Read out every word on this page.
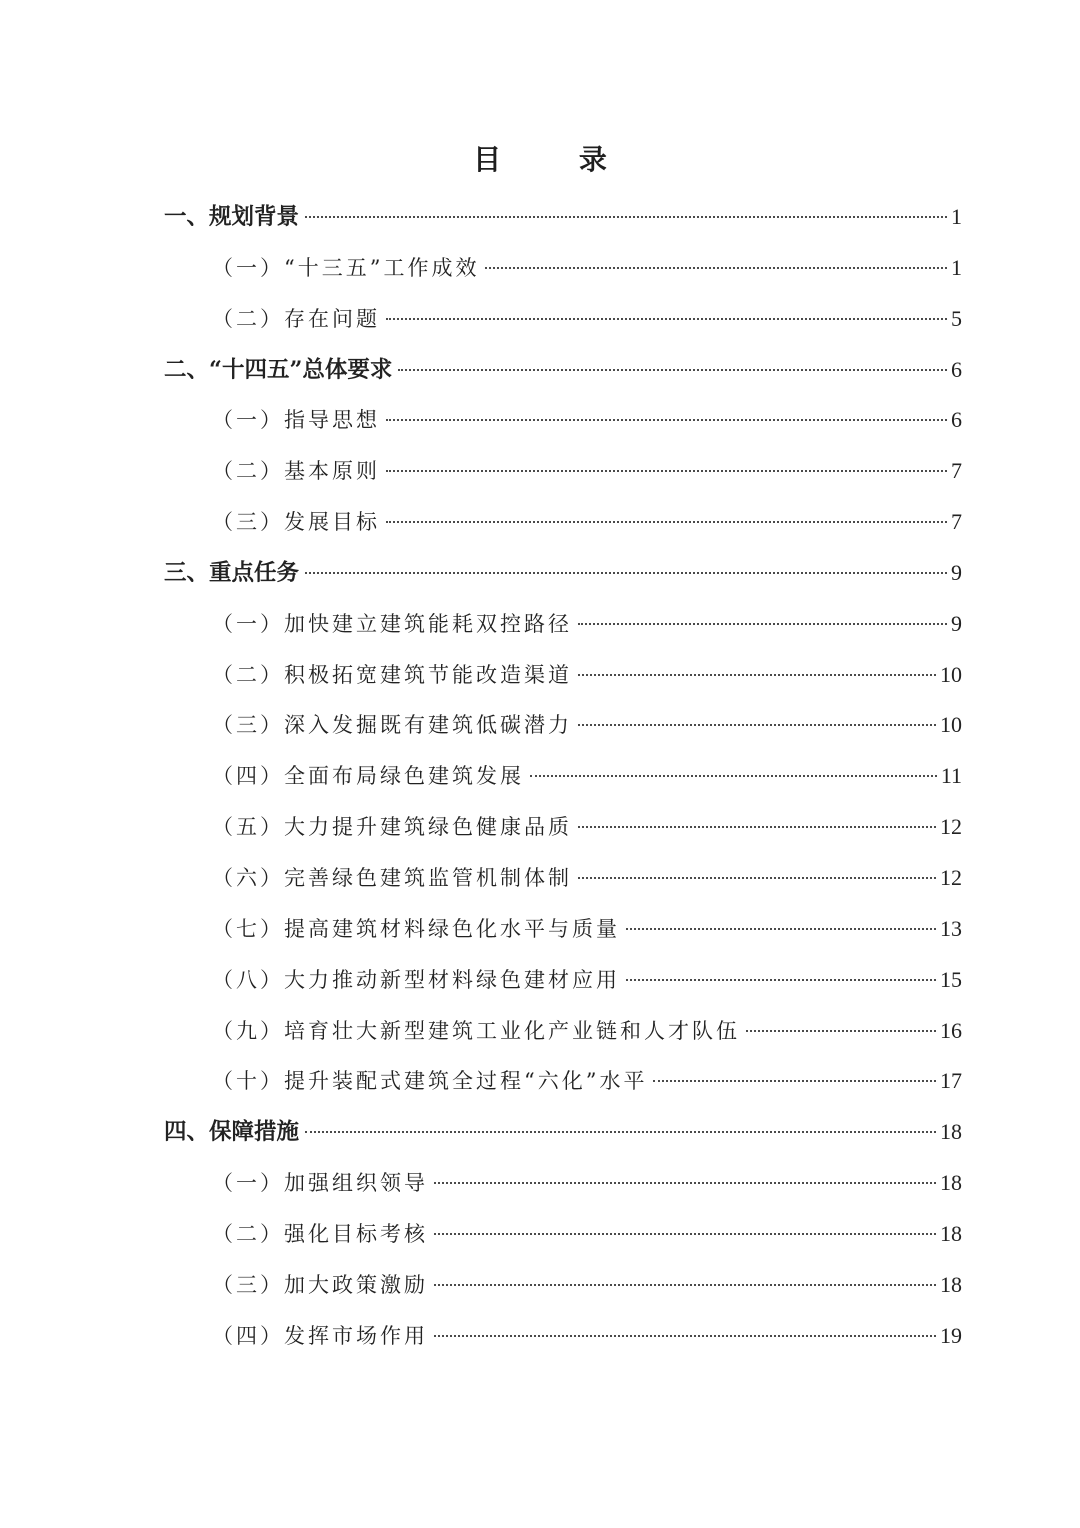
目 录
一、规划背景	1
（一）“十三五”工作成效	1
（二）存在问题	5
二、“十四五”总体要求	6
（一）指导思想	6
（二）基本原则	7
（三）发展目标	7
三、重点任务	9
（一）加快建立建筑能耗双控路径	9
（二）积极拓宽建筑节能改造渠道	10
（三）深入发掘既有建筑低碳潜力	10
（四）全面布局绿色建筑发展	11
（五）大力提升建筑绿色健康品质	12
（六）完善绿色建筑监管机制体制	12
（七）提高建筑材料绿色化水平与质量	13
（八）大力推动新型材料绿色建材应用	15
（九）培育壮大新型建筑工业化产业链和人才队伍	16
（十）提升装配式建筑全过程“六化”水平	17
四、保障措施	18
（一）加强组织领导	18
（二）强化目标考核	18
（三）加大政策激励	18
（四）发挥市场作用	19
